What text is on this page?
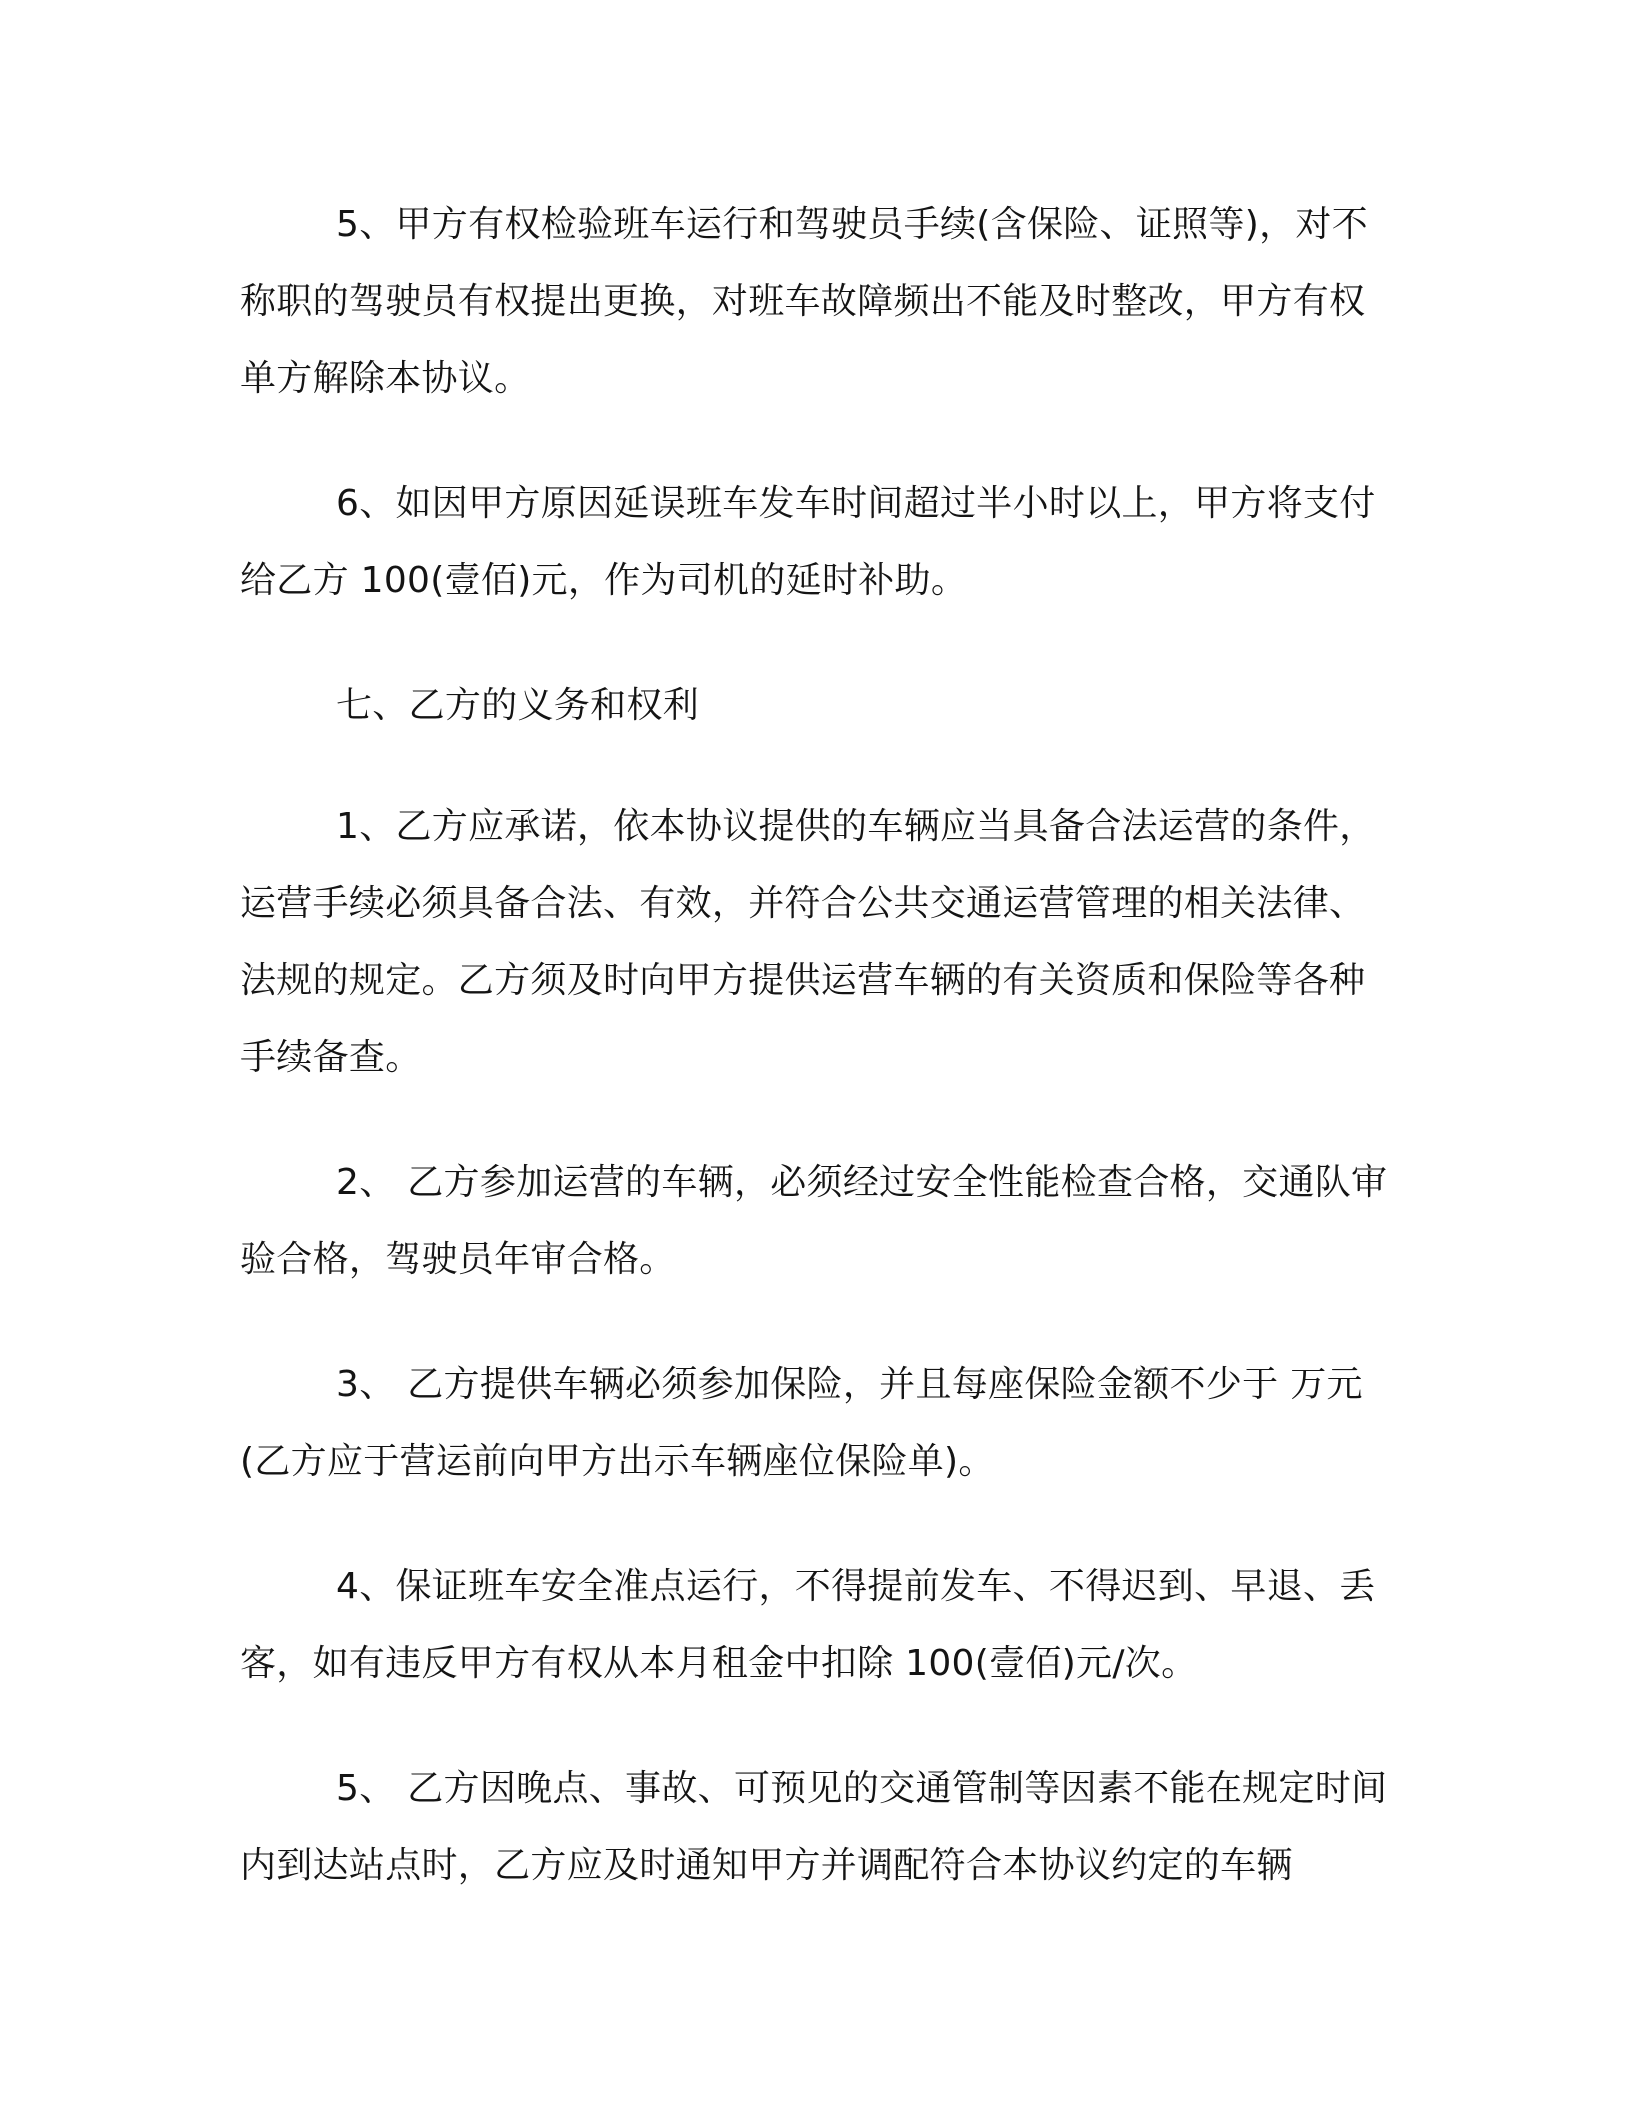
5、甲方有权检验班车运行和驾驶员手续(含保险、证照等)，对不称职的驾驶员有权提出更换，对班车故障频出不能及时整改，甲方有权单方解除本协议。

6、如因甲方原因延误班车发车时间超过半小时以上，甲方将支付给乙方 100(壹佰)元，作为司机的延时补助。

七、乙方的义务和权利

1、乙方应承诺，依本协议提供的车辆应当具备合法运营的条件，运营手续必须具备合法、有效，并符合公共交通运营管理的相关法律、法规的规定。乙方须及时向甲方提供运营车辆的有关资质和保险等各种手续备查。

2、 乙方参加运营的车辆，必须经过安全性能检查合格，交通队审验合格，驾驶员年审合格。

3、 乙方提供车辆必须参加保险，并且每座保险金额不少于 万元(乙方应于营运前向甲方出示车辆座位保险单)。

4、保证班车安全准点运行，不得提前发车、不得迟到、早退、丢客，如有违反甲方有权从本月租金中扣除 100(壹佰)元/次。

5、 乙方因晚点、事故、可预见的交通管制等因素不能在规定时间内到达站点时，乙方应及时通知甲方并调配符合本协议约定的车辆
